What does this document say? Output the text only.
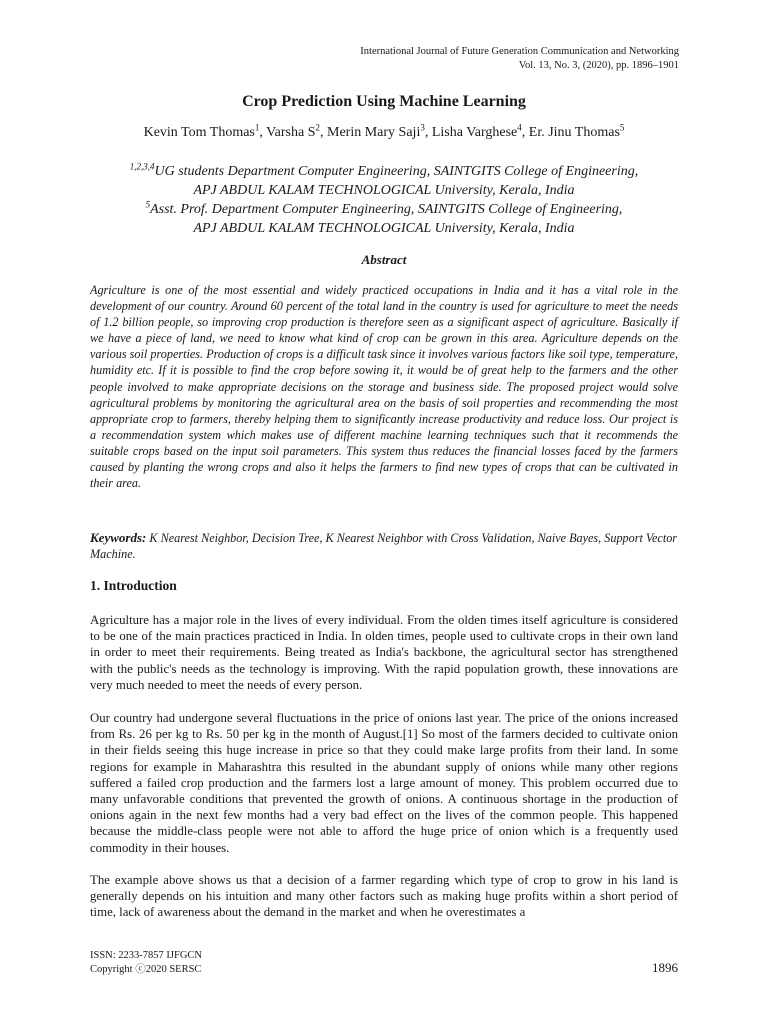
International Journal of Future Generation Communication and Networking
Vol. 13, No. 3, (2020), pp. 1896–1901
Crop Prediction Using Machine Learning
Kevin Tom Thomas$^1$, Varsha $S^2$, Merin Mary Saji$^3$, Lisha Varghese$^4$, Er. Jinu Thomas$^5$
$^{1,2,3,4}$UG students Department Computer Engineering, SAINTGITS College of Engineering,
APJ ABDUL KALAM TECHNOLOGICAL University, Kerala, India
$^5$Asst. Prof. Department Computer Engineering, SAINTGITS College of Engineering,
APJ ABDUL KALAM TECHNOLOGICAL University, Kerala, India
Abstract

Agriculture is one of the most essential and widely practiced occupations in India and it has a vital role in the development of our country. Around 60 percent of the total land in the country is used for agriculture to meet the needs of 1.2 billion people, so improving crop production is therefore seen as a significant aspect of agriculture. Basically if we have a piece of land, we need to know what kind of crop can be grown in this area. Agriculture depends on the various soil properties. Production of crops is a difficult task since it involves various factors like soil type, temperature, humidity etc. If it is possible to find the crop before sowing it, it would be of great help to the farmers and the other people involved to make appropriate decisions on the storage and business side. The proposed project would solve agricultural problems by monitoring the agricultural area on the basis of soil properties and recommending the most appropriate crop to farmers, thereby helping them to significantly increase productivity and reduce loss. Our project is a recommendation system which makes use of different machine learning techniques such that it recommends the suitable crops based on the input soil parameters. This system thus reduces the financial losses faced by the farmers caused by planting the wrong crops and also it helps the farmers to find new types of crops that can be cultivated in their area.

Keywords: K Nearest Neighbor, Decision Tree, K Nearest Neighbor with Cross Validation, Naive Bayes, Support Vector Machine.

1. Introduction

Agriculture has a major role in the lives of every individual. From the olden times itself agriculture is considered to be one of the main practices practiced in India. In olden times, people used to cultivate crops in their own land in order to meet their requirements. Being treated as India's backbone, the agricultural sector has strengthened with the public's needs as the technology is improving. With the rapid population growth, these innovations are very much needed to meet the needs of every person.

Our country had undergone several fluctuations in the price of onions last year. The price of the onions increased from Rs. 26 per kg to Rs. 50 per kg in the month of August.[1] So most of the farmers decided to cultivate onion in their fields seeing this huge increase in price so that they could make large profits from their land. In some regions for example in Maharashtra this resulted in the abundant supply of onions while many other regions suffered a failed crop production and the farmers lost a large amount of money. This problem occurred due to many unfavorable conditions that prevented the growth of onions. A continuous shortage in the production of onions again in the next few months had a very bad effect on the lives of the common people. This happened because the middle-class people were not able to afford the huge price of onion which is a frequently used commodity in their houses.

The example above shows us that a decision of a farmer regarding which type of crop to grow in his land is generally depends on his intuition and many other factors such as making huge profits within a short period of time, lack of awareness about the demand in the market and when he overestimates a

ISSN: 2233-7857 IJFGCN
Copyright ⓒ2020 SERSC	1896
